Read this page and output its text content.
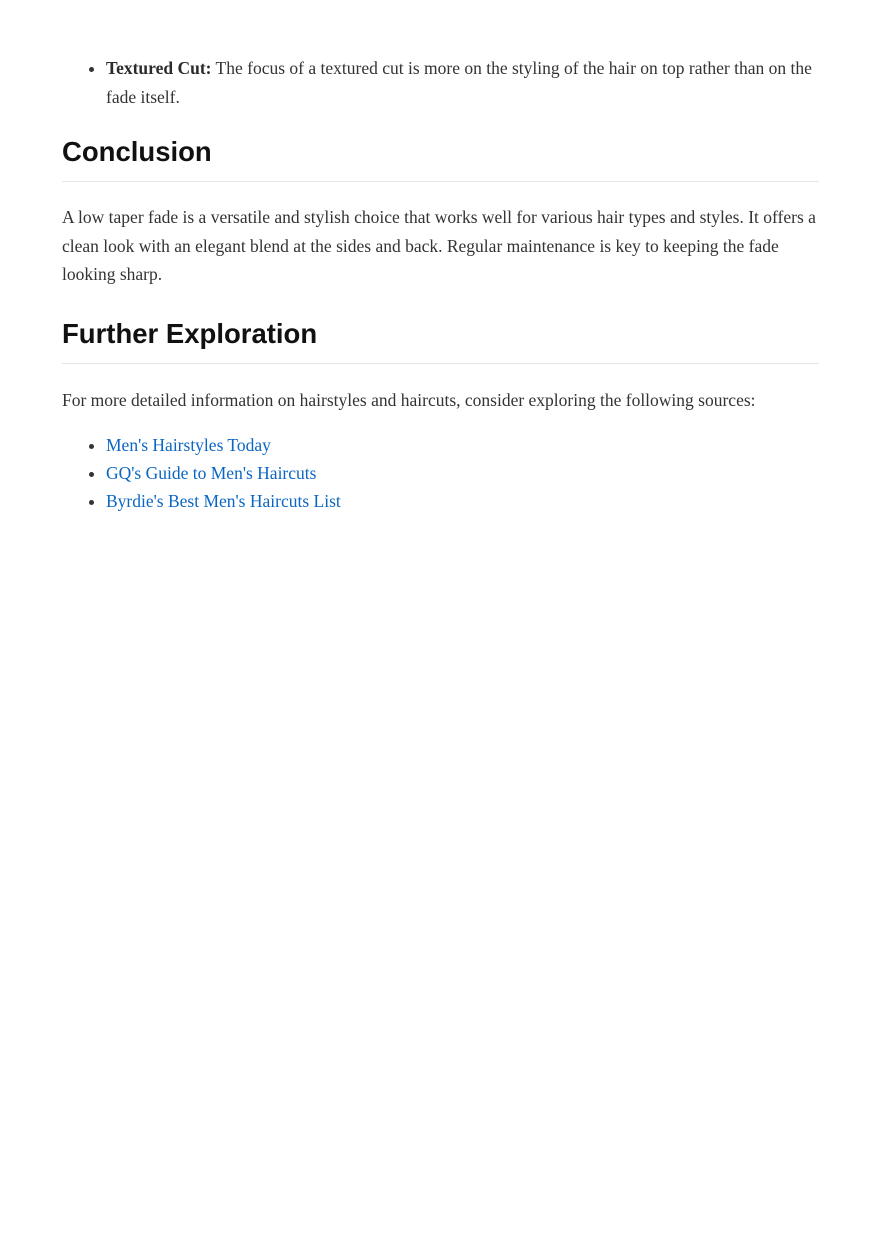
• Textured Cut: The focus of a textured cut is more on the styling of the hair on top rather than on the fade itself.
Conclusion

A low taper fade is a versatile and stylish choice that works well for various hair types and styles. It offers a clean look with an elegant blend at the sides and back. Regular maintenance is key to keeping the fade looking sharp.

Further Exploration

For more detailed information on hairstyles and haircuts, consider exploring the following sources:

• Men's Hairstyles Today
• GQ's Guide to Men's Haircuts
• Byrdie's Best Men's Haircuts List
